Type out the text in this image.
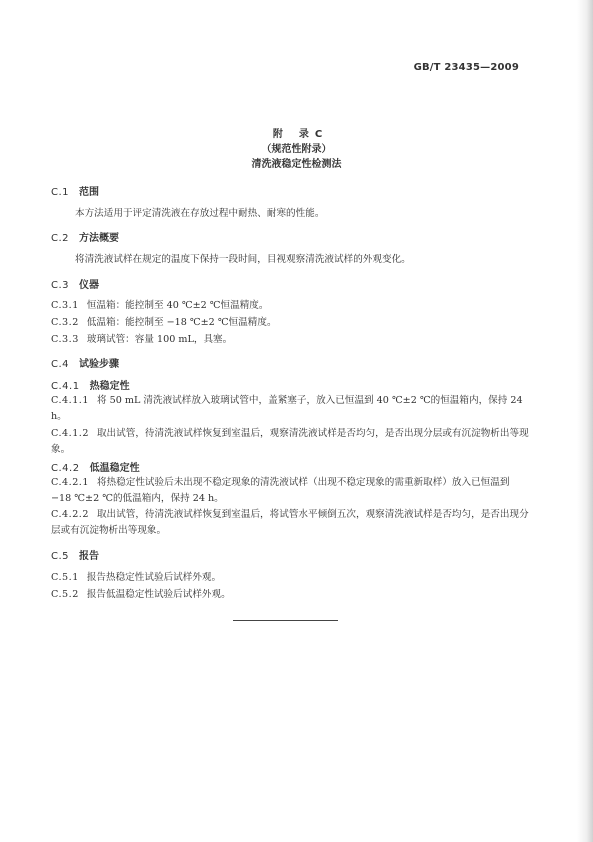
GB/T 23435—2009
附　录 C
（规范性附录）
清洗液稳定性检测法
C.1 范围
本方法适用于评定清洗液在存放过程中耐热、耐寒的性能。
C.2 方法概要
将清洗液试样在规定的温度下保持一段时间，目视观察清洗液试样的外观变化。
C.3 仪器
C.3.1 恒温箱：能控制至 40 ℃±2 ℃恒温精度。
C.3.2 低温箱：能控制至 −18 ℃±2 ℃恒温精度。
C.3.3 玻璃试管：容量 100 mL，具塞。
C.4 试验步骤
C.4.1 热稳定性
C.4.1.1 将 50 mL 清洗液试样放入玻璃试管中，盖紧塞子，放入已恒温到 40 ℃±2 ℃的恒温箱内，保持 24 h。
C.4.1.2 取出试管，待清洗液试样恢复到室温后，观察清洗液试样是否均匀，是否出现分层或有沉淀物析出等现象。
C.4.2 低温稳定性
C.4.2.1 将热稳定性试验后未出现不稳定现象的清洗液试样（出现不稳定现象的需重新取样）放入已恒温到 −18 ℃±2 ℃的低温箱内，保持 24 h。
C.4.2.2 取出试管，待清洗液试样恢复到室温后，将试管水平倾倒五次，观察清洗液试样是否均匀，是否出现分层或有沉淀物析出等现象。
C.5 报告
C.5.1 报告热稳定性试验后试样外观。
C.5.2 报告低温稳定性试验后试样外观。
